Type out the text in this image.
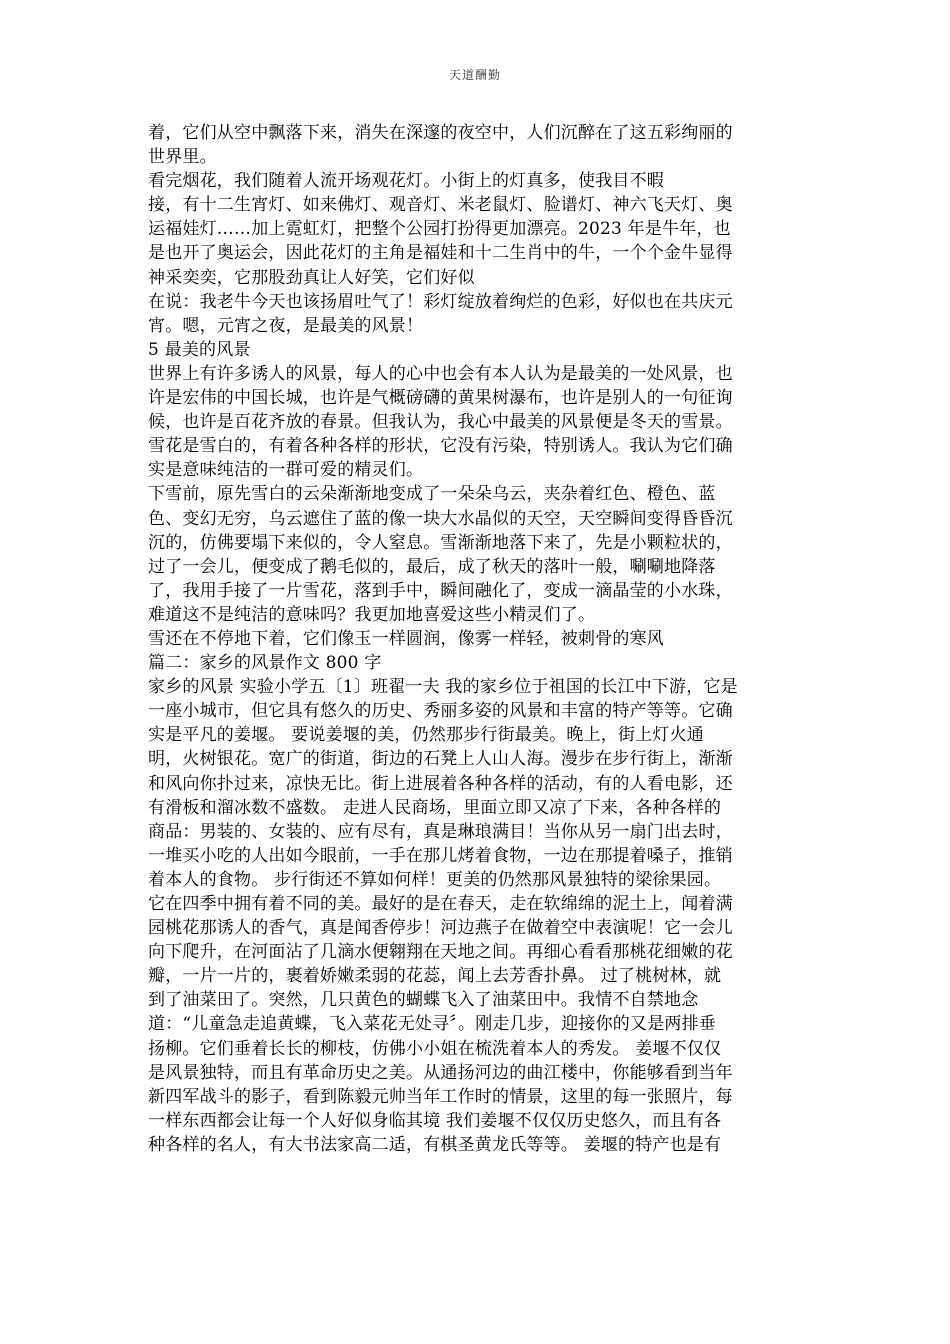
天道酬勤
着，它们从空中飘落下来，消失在深邃的夜空中，人们沉醉在了这五彩绚丽的
世界里。
看完烟花，我们随着人流开场观花灯。小街上的灯真多，使我目不暇
接，有十二生宵灯、如来佛灯、观音灯、米老鼠灯、脸谱灯、神六飞天灯、奥
运福娃灯……加上霓虹灯，把整个公园打扮得更加漂亮。2023 年是牛年，也
是也开了奥运会，因此花灯的主角是福娃和十二生肖中的牛，一个个金牛显得
神采奕奕，它那股劲真让人好笑，它们好似
在说：我老牛今天也该扬眉吐气了！彩灯绽放着绚烂的色彩，好似也在共庆元
宵。嗯，元宵之夜，是最美的风景！
5 最美的风景
世界上有许多诱人的风景，每人的心中也会有本人认为是最美的一处风景，也
许是宏伟的中国长城，也许是气概磅礴的黄果树瀑布，也许是别人的一句征询
候，也许是百花齐放的春景。但我认为，我心中最美的风景便是冬天的雪景。
雪花是雪白的，有着各种各样的形状，它没有污染，特别诱人。我认为它们确
实是意味纯洁的一群可爱的精灵们。
下雪前，原先雪白的云朵渐渐地变成了一朵朵乌云，夹杂着红色、橙色、蓝
色、变幻无穷，乌云遮住了蓝的像一块大水晶似的天空，天空瞬间变得昏昏沉
沉的，仿佛要塌下来似的，令人窒息。雪渐渐地落下来了，先是小颗粒状的，
过了一会儿，便变成了鹅毛似的，最后，成了秋天的落叶一般，唰唰地降落
了，我用手接了一片雪花，落到手中，瞬间融化了，变成一滴晶莹的小水珠，
难道这不是纯洁的意味吗？我更加地喜爱这些小精灵们了。
雪还在不停地下着，它们像玉一样圆润，像雾一样轻，被刺骨的寒风
篇二：家乡的风景作文 800 字
家乡的风景 实验小学五〔1〕班翟一夫 我的家乡位于祖国的长江中下游，它是
一座小城市，但它具有悠久的历史、秀丽多姿的风景和丰富的特产等等。它确
实是平凡的姜堰。 要说姜堰的美，仍然那步行街最美。晚上，街上灯火通
明，火树银花。宽广的街道，街边的石凳上人山人海。漫步在步行街上，渐渐
和风向你扑过来，凉快无比。街上进展着各种各样的活动，有的人看电影，还
有滑板和溜冰数不盛数。 走进人民商场，里面立即又凉了下来，各种各样的
商品：男装的、女装的、应有尽有，真是琳琅满目！当你从另一扇门出去时，
一堆买小吃的人出如今眼前，一手在那儿烤着食物，一边在那提着嗓子，推销
着本人的食物。 步行街还不算如何样！更美的仍然那风景独特的梁徐果园。
它在四季中拥有着不同的美。最好的是在春天，走在软绵绵的泥土上，闻着满
园桃花那诱人的香气，真是闻香停步！河边燕子在做着空中表演呢！它一会儿
向下爬升，在河面沾了几滴水便翱翔在天地之间。再细心看看那桃花细嫩的花
瓣，一片一片的，裹着娇嫩柔弱的花蕊，闻上去芳香扑鼻。 过了桃树林，就
到了油菜田了。突然，几只黄色的蝴蝶飞入了油菜田中。我情不自禁地念
道：“儿童急走追黄蝶，飞入菜花无处寻〞。刚走几步，迎接你的又是两排垂
扬柳。它们垂着长长的柳枝，仿佛小小姐在梳洗着本人的秀发。 姜堰不仅仅
是风景独特，而且有革命历史之美。从通扬河边的曲江楼中，你能够看到当年
新四军战斗的影子，看到陈毅元帅当年工作时的情景，这里的每一张照片，每
一样东西都会让每一个人好似身临其境 我们姜堰不仅仅历史悠久，而且有各
种各样的名人，有大书法家高二适，有棋圣黄龙氏等等。 姜堰的特产也是有
